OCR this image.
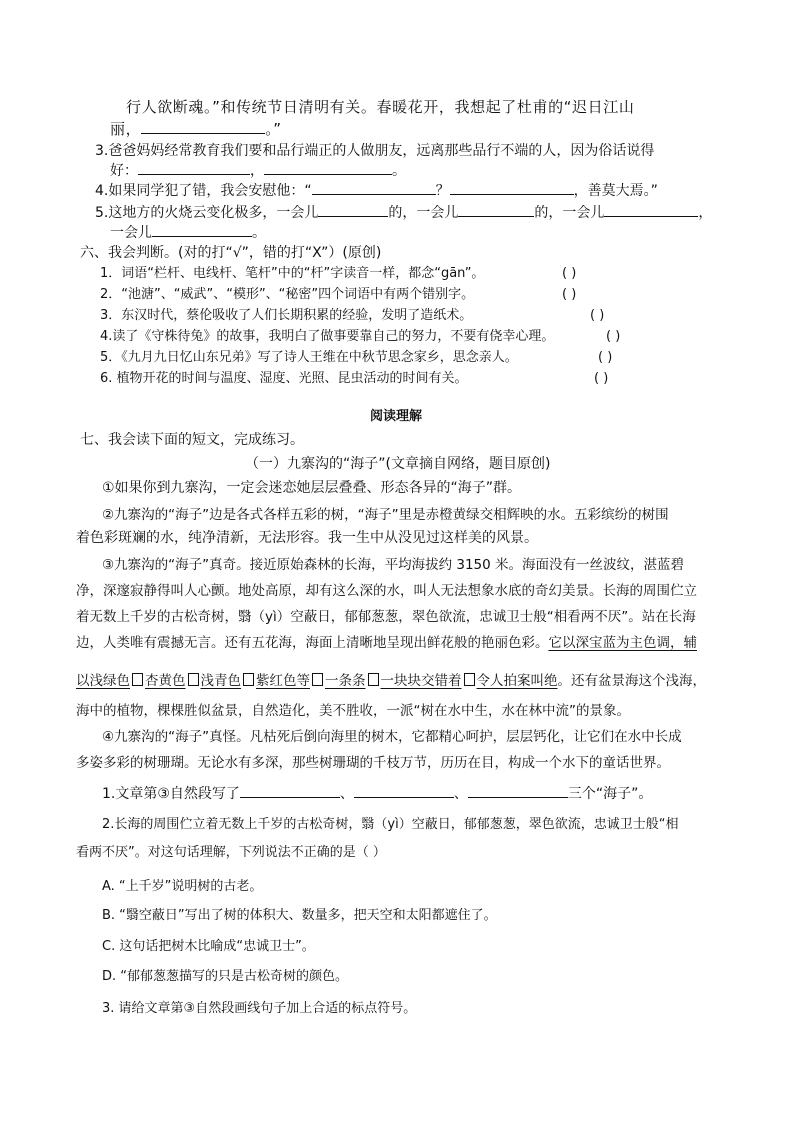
行人欲断魂。”和传统节日清明有关。春暖花开，我想起了杜甫的“迟日江山
丽，	。”
3.爸爸妈妈经常教育我们要和品行端正的人做朋友，远离那些品行不端的人，因为俗话说得
好：	，	。
4.如果同学犯了错，我会安慰他：“	？	，善莫大焉。”
5.这地方的火烧云变化极多，一会儿	的，一会儿	的，一会儿	，
一会儿	。
六、我会判断。(对的打“√”，错的打“X”）(原创)
1．词语“栏杆、电线杆、笔杆”中的“杆”字读音一样，都念“gān”。	( )
2．“池溏”、“威武”、“模形”、“秘密”四个词语中有两个错别字。	( )
3．东汉时代，蔡伦吸收了人们长期积累的经验，发明了造纸术。	( )
4.读了《守株待兔》的故事，我明白了做事要靠自己的努力，不要有侥幸心理。	( )
5．《九月九日忆山东兄弟》写了诗人王维在中秋节思念家乡，思念亲人。	( )
6. 植物开花的时间与温度、湿度、光照、昆虫活动的时间有关。	( )
阅读理解
七、我会读下面的短文，完成练习。
（一）九寨沟的“海子”(文章摘自网络，题目原创)
①如果你到九寨沟，一定会迷恋她层层叠叠、形态各异的“海子”群。
②九寨沟的“海子”边是各式各样五彩的树，“海子”里是赤橙黄绿交相辉映的水。五彩缤纷的树围
着色彩斑斓的水，纯净清新，无法形容。我一生中从没见过这样美的风景。
③九寨沟的“海子”真奇。接近原始森林的长海，平均海拔约 3150 米。海面没有一丝波纹，湛蓝碧
净，深邃寂静得叫人心颤。地处高原，却有这么深的水，叫人无法想象水底的奇幻美景。长海的周围伫立
着无数上千岁的古松奇树，翳（yì）空蔽日，郁郁葱葱，翠色欲流，忠诚卫士般“相看两不厌”。站在长海
边，人类唯有震撼无言。还有五花海，海面上清晰地呈现出鲜花般的艳丽色彩。它以深宝蓝为主色调，辅
以浅绿色 杏黄色 浅青色 紫红色等 一条条 一块块交错着 令人拍案叫绝。还有盆景海这个浅海，
海中的植物，棵棵胜似盆景，自然造化，美不胜收，一派“树在水中生，水在林中流”的景象。
④九寨沟的“海子”真怪。凡枯死后倒向海里的树木，它都精心呵护，层层钙化，让它们在水中长成
多姿多彩的树珊瑚。无论水有多深，那些树珊瑚的千枝万节，历历在目，构成一个水下的童话世界。
1.文章第③自然段写了	、	、	三个“海子”。
2.长海的周围伫立着无数上千岁的古松奇树，翳（yì）空蔽日，郁郁葱葱，翠色欲流，忠诚卫士般“相
看两不厌”。对这句话理解，下列说法不正确的是（ ）
A. “上千岁”说明树的古老。
B. “翳空蔽日”写出了树的体积大、数量多，把天空和太阳都遮住了。
C. 这句话把树木比喻成“忠诚卫士”。
D. “郁郁葱葱描写的只是古松奇树的颜色。
3. 请给文章第③自然段画线句子加上合适的标点符号。
